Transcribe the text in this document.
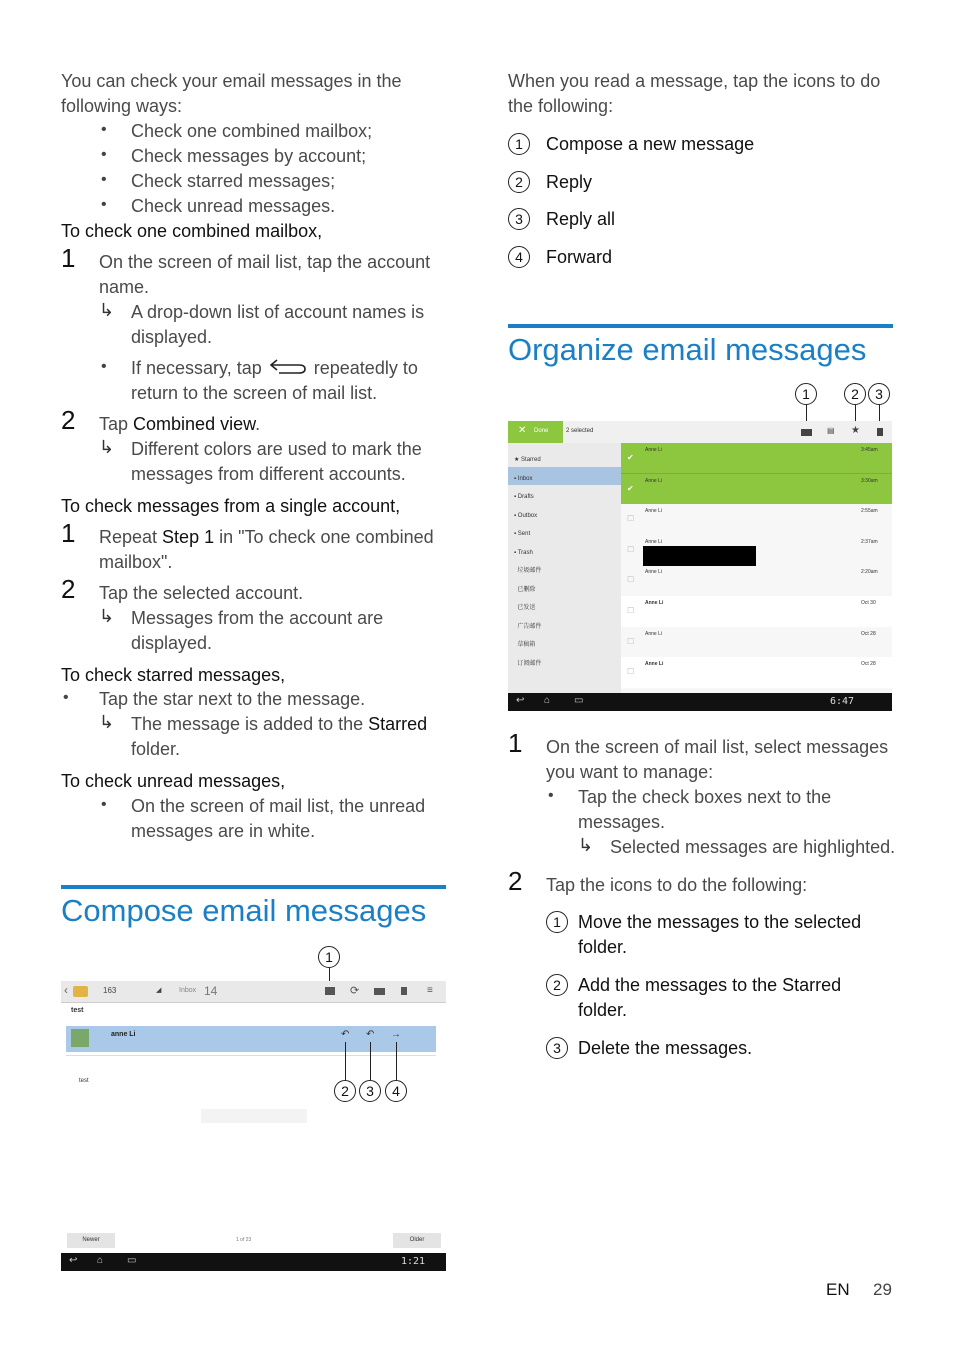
You can check your email messages in the
following ways:
• Check one combined mailbox;
• Check messages by account;
• Check starred messages;
• Check unread messages.
To check one combined mailbox,
1 On the screen of mail list, tap the account
name.
↳ A drop-down list of account names is
displayed.
• If necessary, tap	repeatedly to
return to the screen of mail list.
2 Tap Combined view.
↳ Different colors are used to mark the
messages from different accounts.
To check messages from a single account,
1 Repeat Step 1 in "To check one combined
mailbox".
2 Tap the selected account.
↳ Messages from the account are
displayed.
To check starred messages,
• Tap the star next to the message.
↳ The message is added to the Starred
folder.
To check unread messages,
• On the screen of mail list, the unread
messages are in white.
Compose email messages
1
‹	163	◢	Inbox 14	⟳	≡
test
anne Li	↶ ↶ →
test
Newer	1 of 23	Older
↩ ⌂ ▭	1:21
2	3	4
When you read a message, tap the icons to do
the following:
1	Compose a new message
2	Reply
3	Reply all
4	Forward
Organize email messages
1	2	3
✕ Done	2 selected	▤ ★
★ Starred
▪ Inbox
▪ Drafts
▪ Outbox
▪ Sent
▪ Trash
垃圾邮件
已删除
已发送
广告邮件
草稿箱
订阅邮件
✔
Anne Li	3:45am
✔
Anne Li	3:30am
☐
Anne Li	2:55am
☐
Anne Li	2:37am
☐
Anne Li	2:20am
☐
Anne Li	Oct 30
☐
Anne Li	Oct 28
☐
Anne Li	Oct 28
↩ ⌂ ▭	6:47
1 On the screen of mail list, select messages
you want to manage:
• Tap the check boxes next to the
messages.
↳ Selected messages are highlighted.
2 Tap the icons to do the following:
1 Move the messages to the selected
folder.
2 Add the messages to the Starred
folder.
3 Delete the messages.
EN 29
